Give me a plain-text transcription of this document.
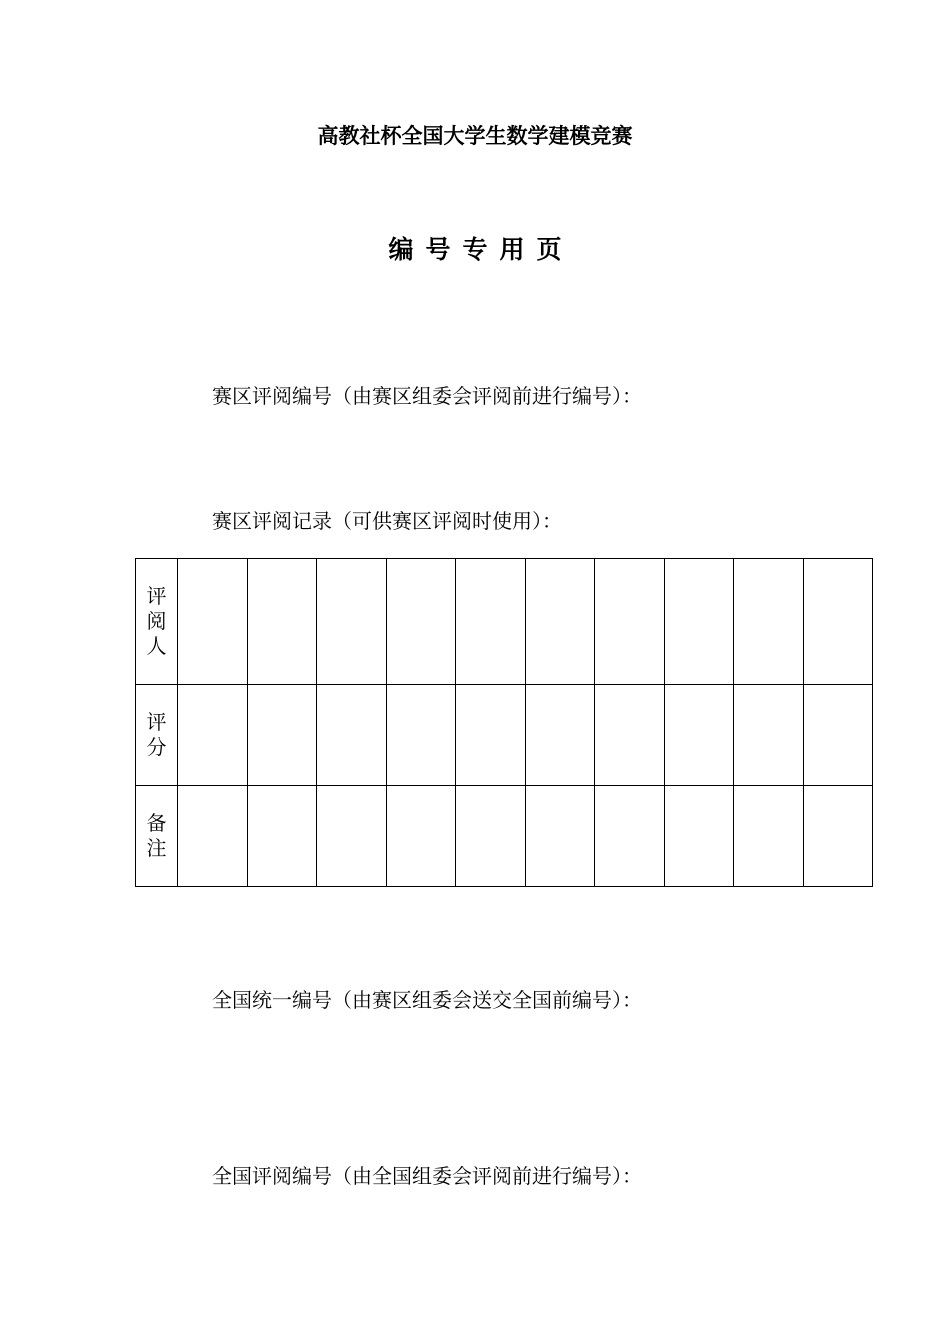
高教社杯全国大学生数学建模竞赛
编号专用页

赛区评阅编号（由赛区组委会评阅前进行编号）：

赛区评阅记录（可供赛区评阅时使用）：

评阅人										
评分										
备注										

全国统一编号（由赛区组委会送交全国前编号）：

全国评阅编号（由全国组委会评阅前进行编号）：
